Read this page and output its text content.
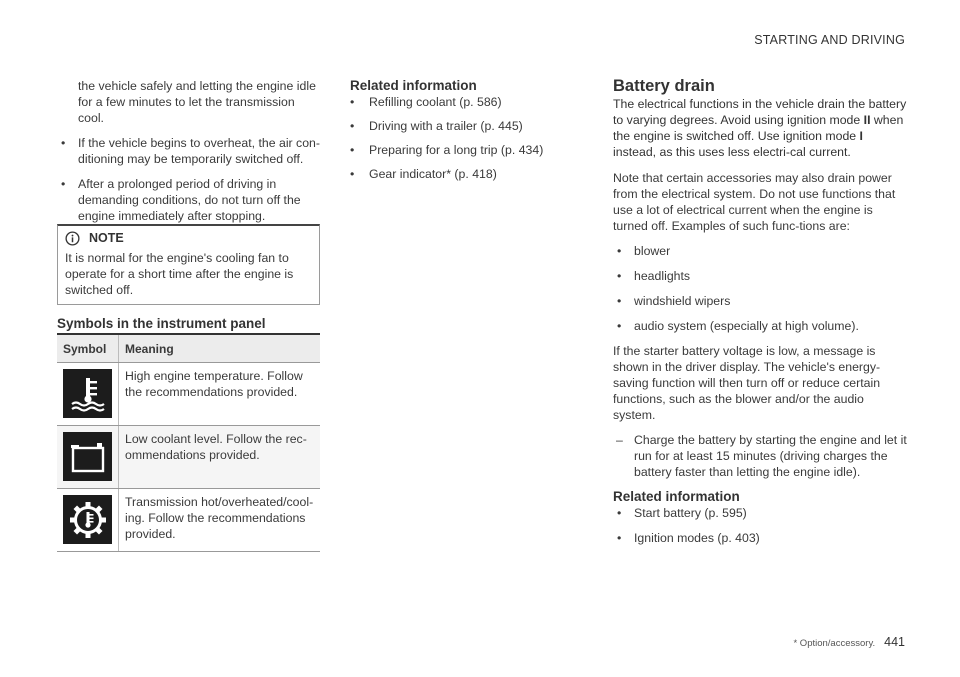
STARTING AND DRIVING

the vehicle safely and letting the engine idle for a few minutes to let the transmission cool.

• If the vehicle begins to overheat, the air con-ditioning may be temporarily switched off.
• After a prolonged period of driving in demanding conditions, do not turn off the engine immediately after stopping.
NOTE
It is normal for the engine's cooling fan to operate for a short time after the engine is switched off.
Symbols in the instrument panel
Symbol	Meaning

	High engine temperature. Follow the recommendations provided.

	Low coolant level. Follow the rec-ommendations provided.

	Transmission hot/overheated/cool-ing. Follow the recommendations provided.
Related information
• Refilling coolant (p. 586)
• Driving with a trailer (p. 445)
• Preparing for a long trip (p. 434)
• Gear indicator* (p. 418)
Battery drain

The electrical functions in the vehicle drain the battery to varying degrees. Avoid using ignition mode II when the engine is switched off. Use ignition mode I instead, as this uses less electri-cal current.

Note that certain accessories may also drain power from the electrical system. Do not use functions that use a lot of electrical current when the engine is turned off. Examples of such func-tions are:

• blower
• headlights
• windshield wipers
• audio system (especially at high volume).

If the starter battery voltage is low, a message is shown in the driver display. The vehicle's energy-saving function will then turn off or reduce certain functions, such as the blower and/or the audio system.

– Charge the battery by starting the engine and let it run for at least 15 minutes (driving charges the battery faster than letting the engine idle).
Related information
• Start battery (p. 595)
• Ignition modes (p. 403)
* Option/accessory. 441
